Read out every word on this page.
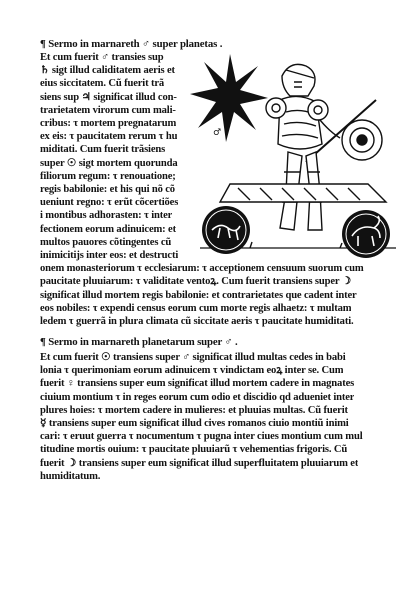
¶ Sermo in marnareth ♂ super planetas .
Et cum fuerit ♂ transies sup
♄ sigt illud caliditatem aeris et
eius siccitatem. Cũ fuerit trã
siens sup ♃ significat illud con-
trarietatem virorum cum mali-
cribus: τ mortem pregnatarum
ex eis: τ paucitatem rerum τ hu
miditati. Cum fuerit trãsiens
super ☉ sigt mortem quorunda
filiorum regum: τ renouatione;
regis babilonie: et his qui nõ cõ
ueniunt regno: τ erũt cõcertiões
i montibus adhorasten: τ inter
fectionem eorum adinuicem: et
multos pauores cõtingentes cũ
inimicitijs inter eos: et destructi
onem monasteriorum τ ecclesiarum: τ acceptionem censuum suorum cum
paucitate pluuiarum: τ validitate ventoꝝ. Cum fuerit transiens super ☽
significat illud mortem regis babilonie: et contrarietates que cadent inter
eos nobiles: τ expendi census eorum cum morte regis alhaetz: τ multam
ledem τ guerrã in plura climata cũ siccitate aeris τ paucitate humiditati.
♂
¶ Sermo in marnareth planetarum super ♂ .
Et cum fuerit ☉ transiens super ♂ significat illud multas cedes in babi
lonia τ querimoniam eorum adinuicem τ vindictam eoꝝ inter se. Cum
fuerit ♀ transiens super eum significat illud mortem cadere in magnates
ciuium montium τ in reges eorum cum odio et discidio qd adueniet inter
plures hoies: τ mortem cadere in mulieres: et pluuias multas. Cũ fuerit
☿ transiens super eum significat illud cives romanos ciuio montiũ inimi
cari: τ eruut guerra τ nocumentum τ pugna inter ciues montium cum mul
titudine mortis ouium: τ paucitate pluuiarũ τ vehementias frigoris. Cũ
fuerit ☽ transiens super eum significat illud superfluitatem pluuiarum et
humiditatum.
